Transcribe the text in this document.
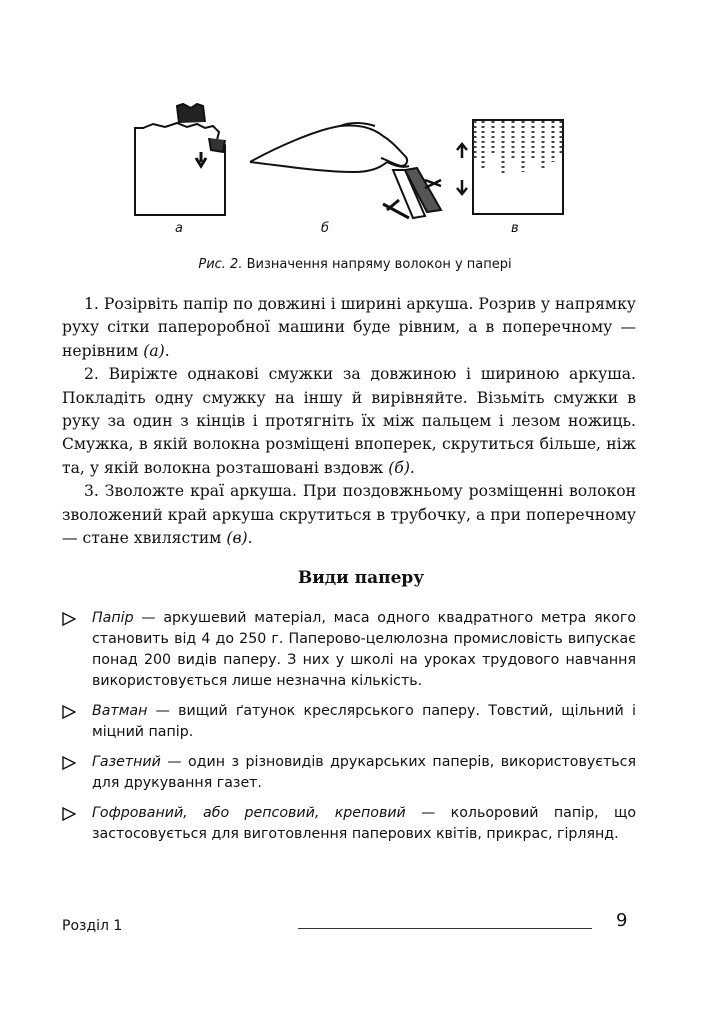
а	б	в
Рис. 2. Визначення напряму волокон у папері

1. Розірвіть папір по довжині і ширині аркуша. Розрив у напрямку руху сітки папероробної машини буде рівним, а в поперечному — нерівним (а).

2. Виріжте однакові смужки за довжиною і шириною аркуша. Покладіть одну смужку на іншу й вирівняйте. Візьміть смужки в руку за один з кінців і протягніть їх між пальцем і лезом ножиць. Смужка, в якій волокна розміщені впоперек, скрутиться більше, ніж та, у якій волокна розташовані вздовж (б).

3. Зволожте краї аркуша. При поздовжньому розміщенні волокон зволожений край аркуша скрутиться в трубочку, а при поперечному — стане хвилястим (в).

Види паперу
Папір — аркушевий матеріал, маса одного квадратного метра якого становить від 4 до 250 г. Паперово-целюлозна промисловість випускає понад 200 видів паперу. З них у школі на уроках трудового навчання використовується лише незначна кількість.
Ватман — вищий ґатунок креслярського паперу. Товстий, щільний і міцний папір.
Газетний — один з різновидів друкарських паперів, використовується для друкування газет.
Гофрований, або репсовий, креповий — кольоровий папір, що застосовується для виготовлення паперових квітів, прикрас, гірлянд.
Розділ 1	9
